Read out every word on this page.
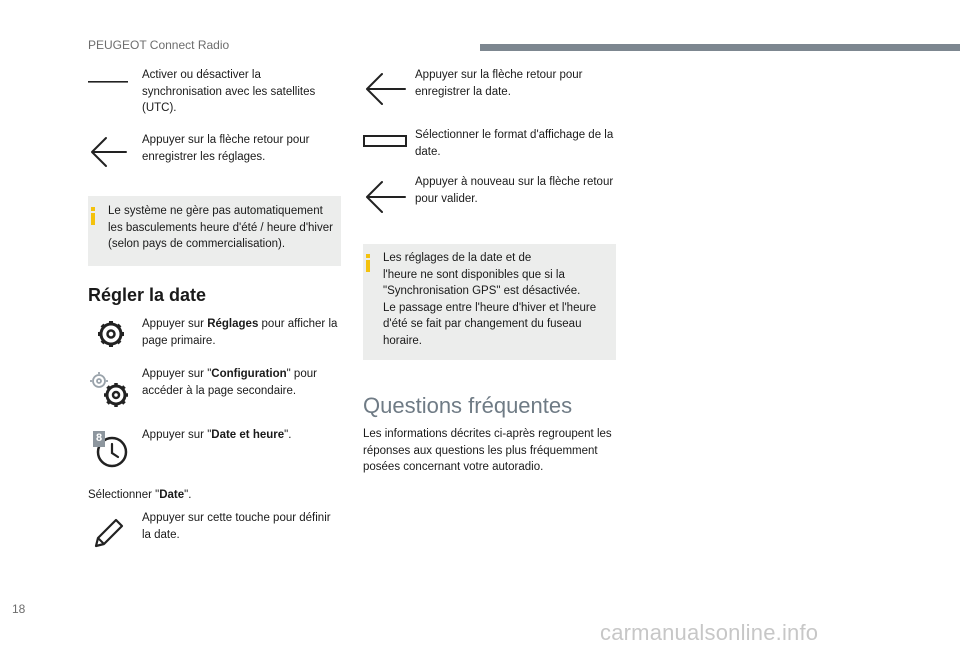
PEUGEOT Connect Radio
Activer ou désactiver la synchronisation avec les satellites (UTC).
Appuyer sur la flèche retour pour enregistrer les réglages.
Le système ne gère pas automatiquement les basculements heure d'été / heure d'hiver (selon pays de commercialisation).
Régler la date
Appuyer sur Réglages pour afficher la page primaire.
Appuyer sur "Configuration" pour accéder à la page secondaire.
8	Appuyer sur "Date et heure".
Sélectionner "Date".
Appuyer sur cette touche pour définir la date.
Appuyer sur la flèche retour pour enregistrer la date.
Sélectionner le format d'affichage de la date.
Appuyer à nouveau sur la flèche retour pour valider.
Les réglages de la date et de
l'heure ne sont disponibles que si la
"Synchronisation GPS" est désactivée.
Le passage entre l'heure d'hiver et l'heure
d'été se fait par changement du fuseau
horaire.
Questions fréquentes
Les informations décrites ci-après regroupent les réponses aux questions les plus fréquemment posées concernant votre autoradio.
18
carmanualsonline.info
